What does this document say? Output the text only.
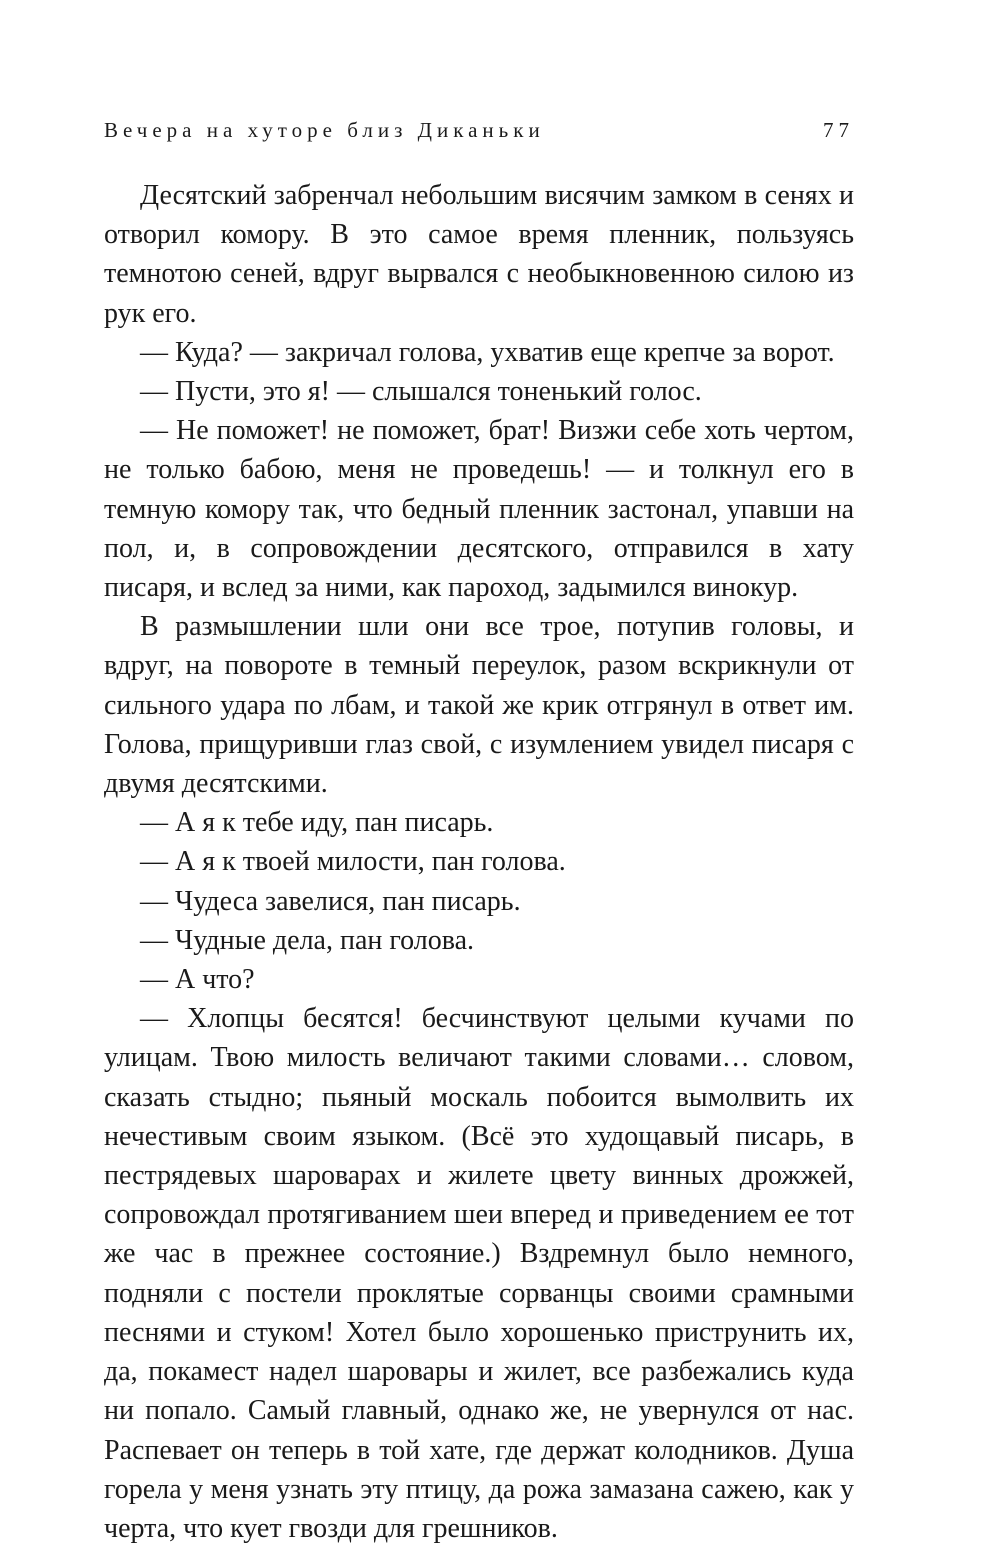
Вечера на хуторе близ Диканьки	77

Десятский забренчал небольшим висячим замком в сенях и отворил комору. В это самое время пленник, пользуясь темнотою сеней, вдруг вырвался с необыкновенною силою из рук его.

— Куда? — закричал голова, ухватив еще крепче за ворот.

— Пусти, это я! — слышался тоненький голос.

— Не поможет! не поможет, брат! Визжи себе хоть чертом, не только бабою, меня не проведешь! — и толкнул его в темную комору так, что бедный пленник застонал, упавши на пол, и, в сопровождении десятского, отправился в хату писаря, и вслед за ними, как пароход, задымился винокур.

В размышлении шли они все трое, потупив головы, и вдруг, на повороте в темный переулок, разом вскрикнули от сильного удара по лбам, и такой же крик отгрянул в ответ им. Голова, прищуривши глаз свой, с изумлением увидел писаря с двумя десятскими.

— А я к тебе иду, пан писарь.

— А я к твоей милости, пан голова.

— Чудеса завелися, пан писарь.

— Чудные дела, пан голова.

— А что?

— Хлопцы бесятся! бесчинствуют целыми кучами по улицам. Твою милость величают такими словами… словом, сказать стыдно; пьяный москаль побоится вымолвить их нечестивым своим языком. (Всё это худощавый писарь, в пестрядевых шароварах и жилете цвету винных дрожжей, сопровождал протягиванием шеи вперед и приведением ее тот же час в прежнее состояние.) Вздремнул было немного, подняли с постели проклятые сорванцы своими срамными песнями и стуком! Хотел было хорошенько приструнить их, да, покамест надел шаровары и жилет, все разбежались куда ни попало. Самый главный, однако же, не увернулся от нас. Распевает он теперь в той хате, где держат колодников. Душа горела у меня узнать эту птицу, да рожа замазана сажею, как у черта, что кует гвозди для грешников.
